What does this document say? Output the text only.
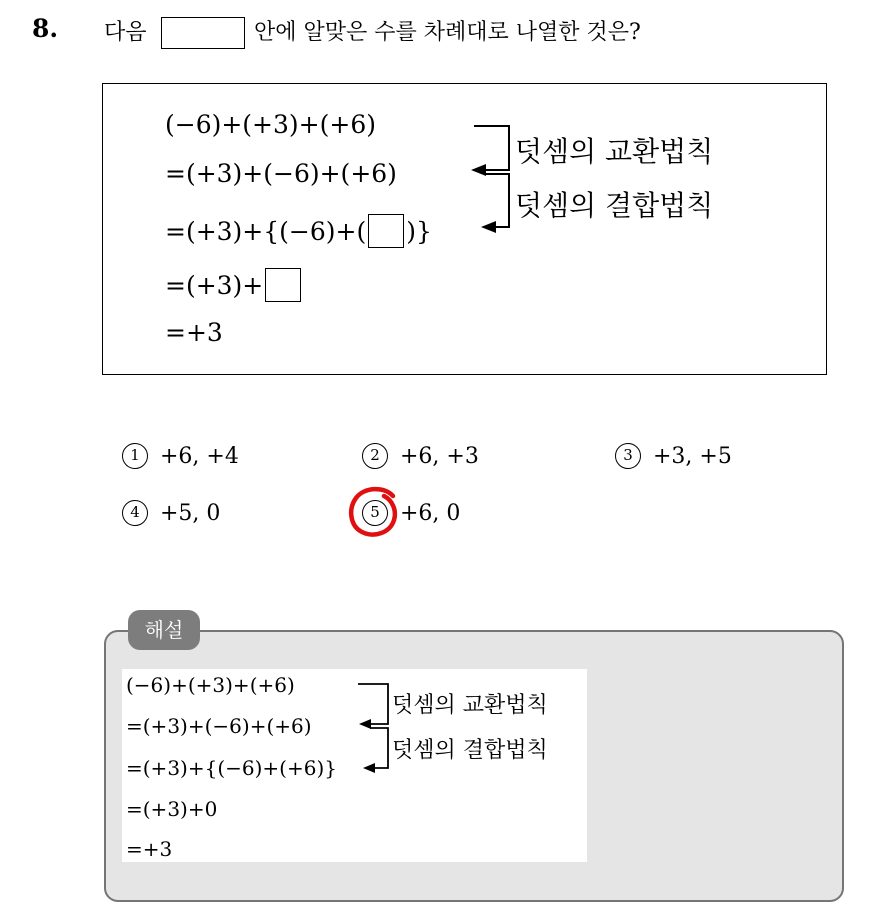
8. 다음	안에 알맞은 수를 차례대로 나열한 것은?
(−6)+(+3)+(+6)
=(+3)+(−6)+(+6)
=(+3)+{(−6)+( )}
=(+3)+
=+3
덧셈의 교환법칙
덧셈의 결합법칙
1 +6, +4	2 +6, +3	3 +3, +5
4 +5, 0	5 +6, 0
해설
(−6)+(+3)+(+6)
=(+3)+(−6)+(+6)
=(+3)+{(−6)+(+6)}
=(+3)+0
=+3
덧셈의 교환법칙
덧셈의 결합법칙
